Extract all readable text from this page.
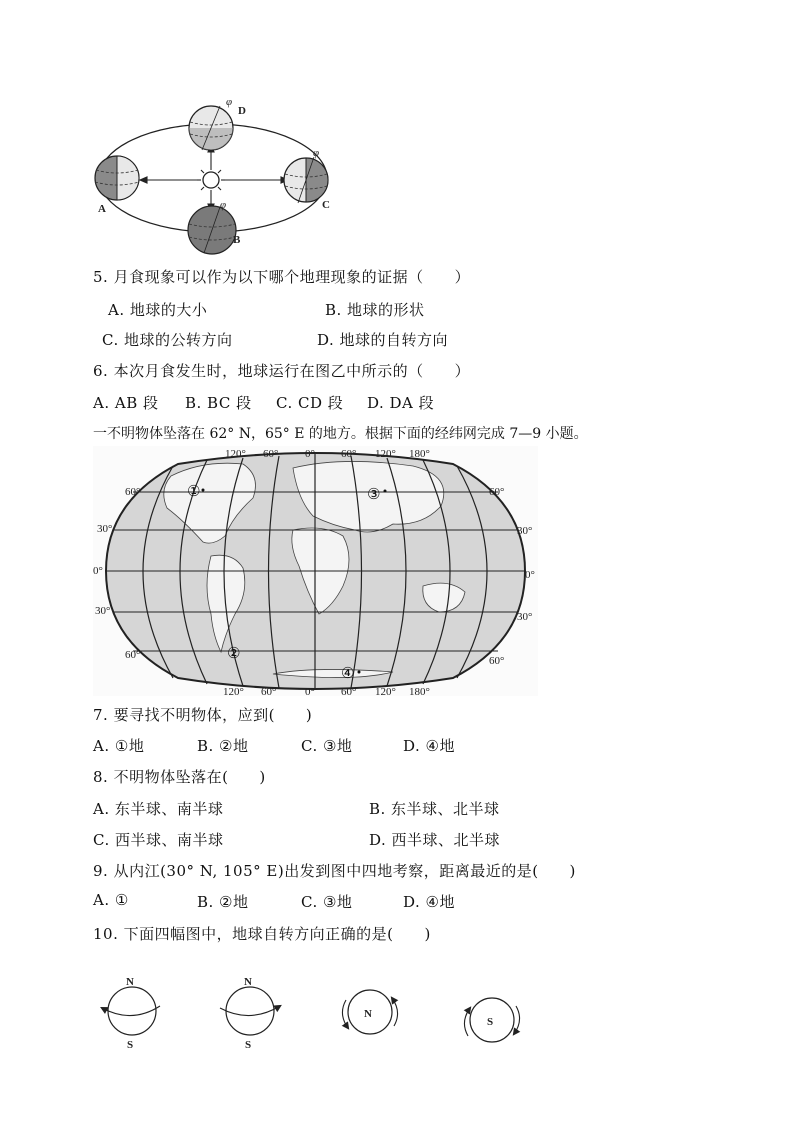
D
A	C
B
φ
φ
φ
5. 月食现象可以作为以下哪个地理现象的证据（　　）
A. 地球的大小	B. 地球的形状
C. 地球的公转方向	D. 地球的自转方向
6. 本次月食发生时，地球运行在图乙中所示的（　　）
A. AB 段 B. BC 段 C. CD 段 D. DA 段
一不明物体坠落在 62° N，65° E 的地方。根据下面的经纬网完成 7—9 小题。
120° 60° 0° 60° 120° 180°
120° 60°	0° 60° 120° 180°
60°
30°
0°
30°
60°
60°
30°
0°
30°
60°
①
②
③
④
7. 要寻找不明物体，应到(　　)
A. ①地	B. ②地	C. ③地	D. ④地
8. 不明物体坠落在(　　)
A. 东半球、南半球	B. 东半球、北半球
C. 西半球、南半球	D. 西半球、北半球
9. 从内江(30° N, 105° E)出发到图中四地考察，距离最近的是(　　)
A. ①	B. ②地	C. ③地	D. ④地
10. 下面四幅图中，地球自转方向正确的是(　　)
N
S
N
S
N
S
